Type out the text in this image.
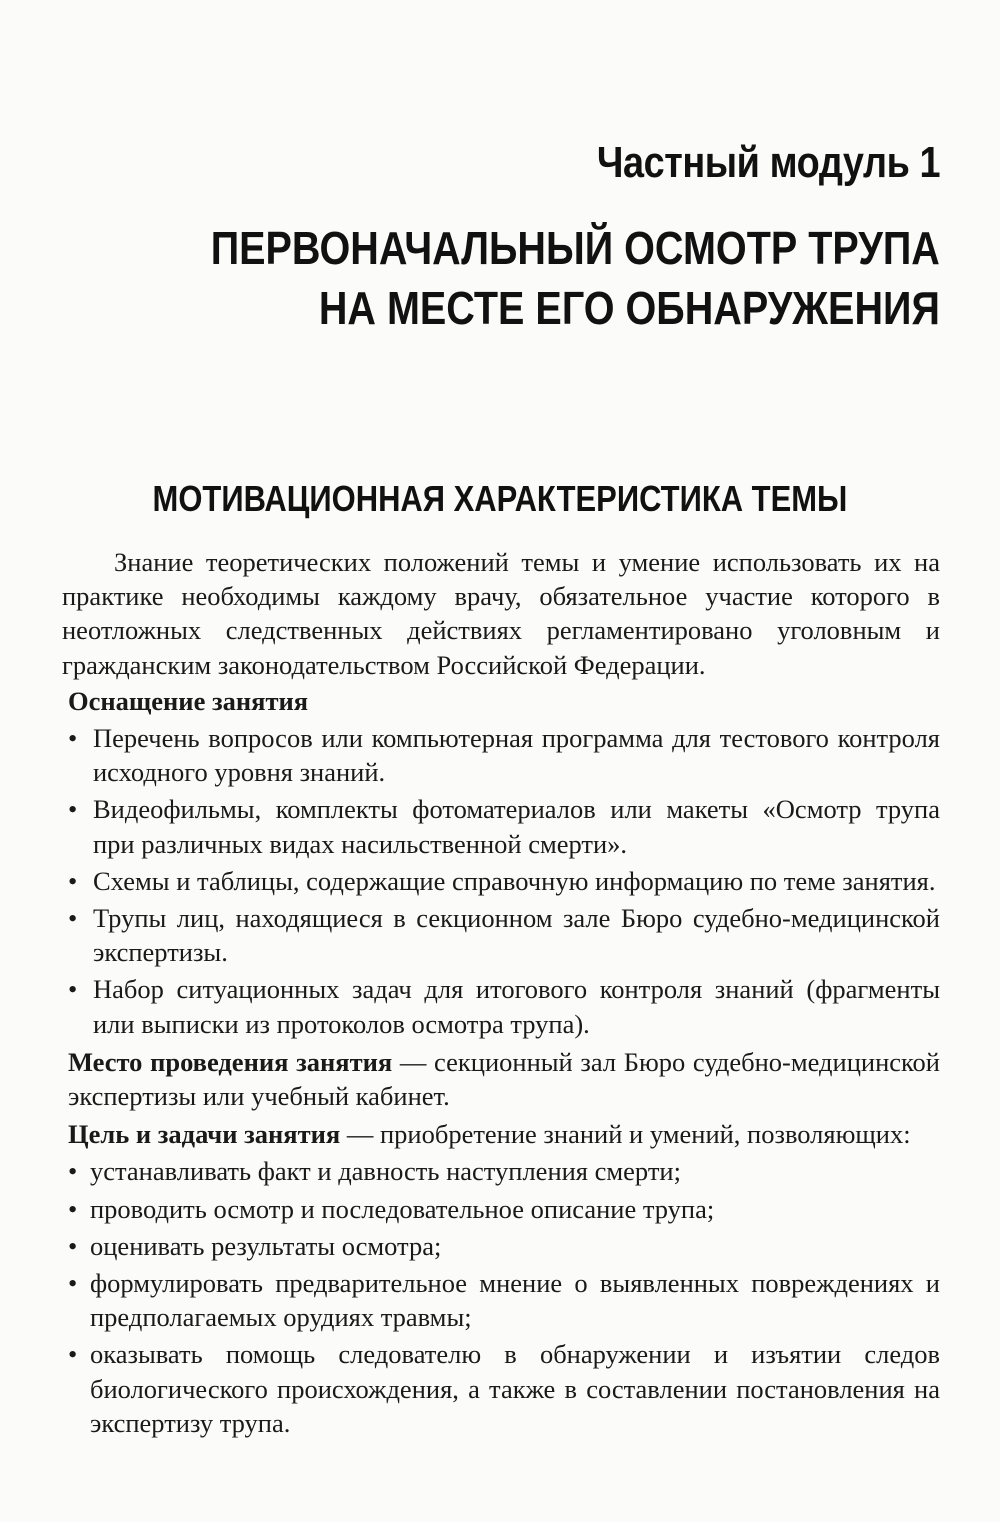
Частный модуль 1
ПЕРВОНАЧАЛЬНЫЙ ОСМОТР ТРУПА
НА МЕСТЕ ЕГО ОБНАРУЖЕНИЯ
МОТИВАЦИОННАЯ ХАРАКТЕРИСТИКА ТЕМЫ

Знание теоретических положений темы и умение использовать их на практике необходимы каждому врачу, обязательное участие которого в неотложных следственных действиях регламентировано уголовным и гражданским законодательством Российской Федерации.

Оснащение занятия

• Перечень вопросов или компьютерная программа для тестового контроля исходного уровня знаний.
• Видеофильмы, комплекты фотоматериалов или макеты «Осмотр трупа при различных видах насильственной смерти».
• Схемы и таблицы, содержащие справочную информацию по теме занятия.
• Трупы лиц, находящиеся в секционном зале Бюро судебно-медицинской экспертизы.
• Набор ситуационных задач для итогового контроля знаний (фрагменты или выписки из протоколов осмотра трупа).

Место проведения занятия — секционный зал Бюро судебно-медицинской экспертизы или учебный кабинет.

Цель и задачи занятия — приобретение знаний и умений, позволяющих:

• устанавливать факт и давность наступления смерти;
• проводить осмотр и последовательное описание трупа;
• оценивать результаты осмотра;
• формулировать предварительное мнение о выявленных повреждениях и предполагаемых орудиях травмы;
• оказывать помощь следователю в обнаружении и изъятии следов биологического происхождения, а также в составлении постановления на экспертизу трупа.
